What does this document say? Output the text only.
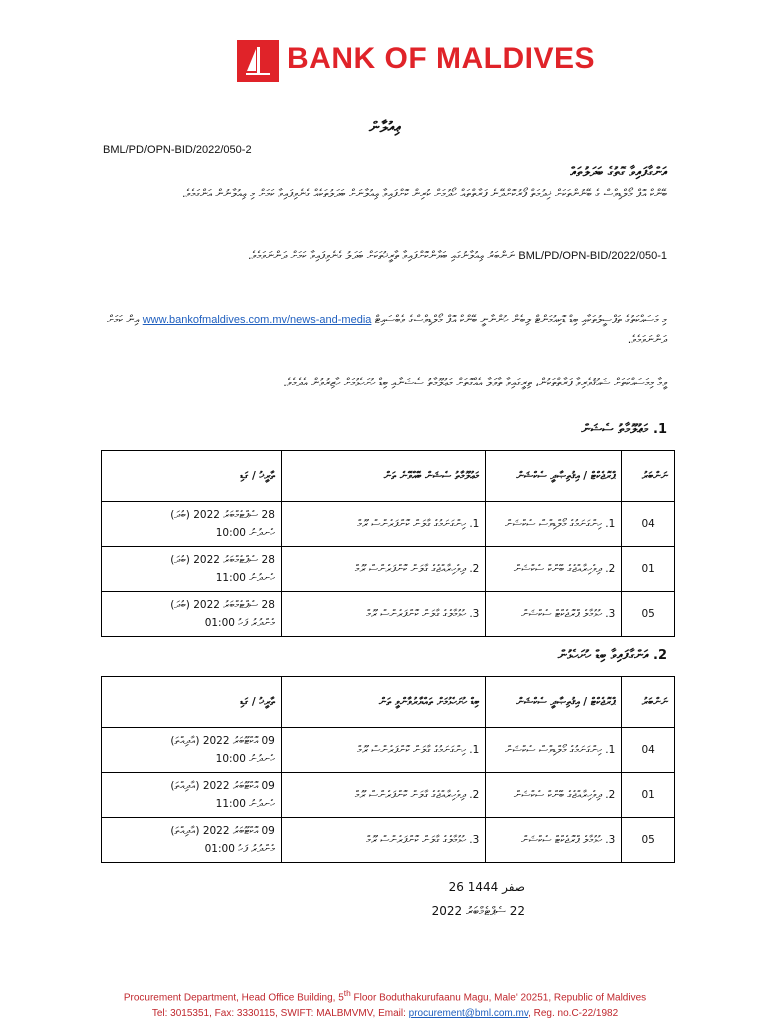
BANK OF MALDIVES
ޢިއުލާން
BML/PD/OPN-BID/2022/050-2
އަންގާފައިވާ ގޮތުގެ ބަދަލުތައް
ބޭންކް އޮފް މޯލްޑިވްސް ގެ ބޭނުންތަކަށް ޚިދުމަތް ފޯރުކޮށްދޭނެ ފަރާތްތައް ހޯދުމަށް ކުރިން ކޮށްފައިވާ ޢިއުލާނަށް ބަދަލުތަކެއް ގެނެވިފައިވާ ކަމަށް މި ޢިއުލާނުން އަންގަމެވެ.
BML/PD/OPN-BID/2022/050-1 ނަންބަރު ޢިއުލާނުގައި ބަޔާންކޮށްފައިވާ ތާރީޚުތަކަށް ބަދަލު ގެނެވިފައިވާ ކަމަށް ދަންނަވަމެވެ.
މި މަސައްކަތުގެ ތަފްސީލުތަކާއި ބިޑް ޑޮކިއުމަންޓް ލިބެން ހުންނާނީ ބޭންކް އޮފް މޯލްޑިވްސްގެ ވެބްސައިޓް www.bankofmaldives.com.mv/news-and-media އިން ކަމަށް ދަންނަވަމެވެ.
ވީމާ މިމަސައްކަތަށް ޝައުޤުވެރިވާ ފަރާތްތަކުން، ތިރީގައިވާ ތާވަލާ އެއްގޮތަށް މަޢުލޫމާތު ސެޝަނާއި ބިޑް ހުށަހެޅުމަށް ހާޒިރުވުން އެދެމެވެ.
1. މަޢުލޫމާތު ސެޝަން
ތާރީޚު / ގަޑި	މަޢުލޫމާތު ސެޝަން ބޭއްވޭނެ ތަން	ޕްރޮޖެކްޓް / އިޤުތިޞާދީ ސެކްޝަން	ނަންބަރު

28 ސެޕްޓެމްބަރު 2022 (ބުދަ)
ހެނދުނު 10:00	1. ހިންގަނަމުގެ ގާލަން ކޮންފަރެންސް ރޫމް	1. ހިންގަނަމުގެ މޯލްޑިވްސް ސެކްޝަން	04

28 ސެޕްޓެމްބަރު 2022 (ބުދަ)
ހެނދުނު 11:00	2. ދިވެހިރާއްޖެގެ ގާލަން ކޮންފަރެންސް ރޫމް	2. ދިވެހިރާއްޖެގެ ބޭންކް ސެކްޝަން	01

28 ސެޕްޓެމްބަރު 2022 (ބުދަ)
މެންދުރު ފަހު 01:00	3. ހުޅުމާލެގެ ގާލަން ކޮންފަރެންސް ރޫމް	3. ހުޅުމާލެ ޕްރޮޖެކްޓް ސެކްޝަން	05
2. އަންގާފައިވާ ބިޑް ހުށަހެޅުން
ތާރީޚު / ގަޑި	ބިޑް ހުށަހެޅުމަށް ތައްޔާރުވާންވީ ތަން	ޕްރޮޖެކްޓް / އިޤުތިޞާދީ ސެކްޝަން	ނަންބަރު

09 އޮކްޓޫބަރު 2022 (އާދިއްތަ)
ހެނދުނު 10:00	1. ހިންގަނަމުގެ ގާލަން ކޮންފަރެންސް ރޫމް	1. ހިންގަނަމުގެ މޯލްޑިވްސް ސެކްޝަން	04

09 އޮކްޓޫބަރު 2022 (އާދިއްތަ)
ހެނދުނު 11:00	2. ދިވެހިރާއްޖެގެ ގާލަން ކޮންފަރެންސް ރޫމް	2. ދިވެހިރާއްޖެގެ ބޭންކް ސެކްޝަން	01

09 އޮކްޓޫބަރު 2022 (އާދިއްތަ)
މެންދުރު ފަހު 01:00	3. ހުޅުމާލެގެ ގާލަން ކޮންފަރެންސް ރޫމް	3. ހުޅުމާލެ ޕްރޮޖެކްޓް ސެކްޝަން	05
26 صفر 1444
22 ސެޕްޓެމްބަރު 2022
Procurement Department, Head Office Building, 5th Floor Boduthakurufaanu Magu, Male' 20251, Republic of Maldives
Tel: 3015351, Fax: 3330115, SWIFT: MALBMVMV, Email: procurement@bml.com.mv, Reg. no.C-22/1982
